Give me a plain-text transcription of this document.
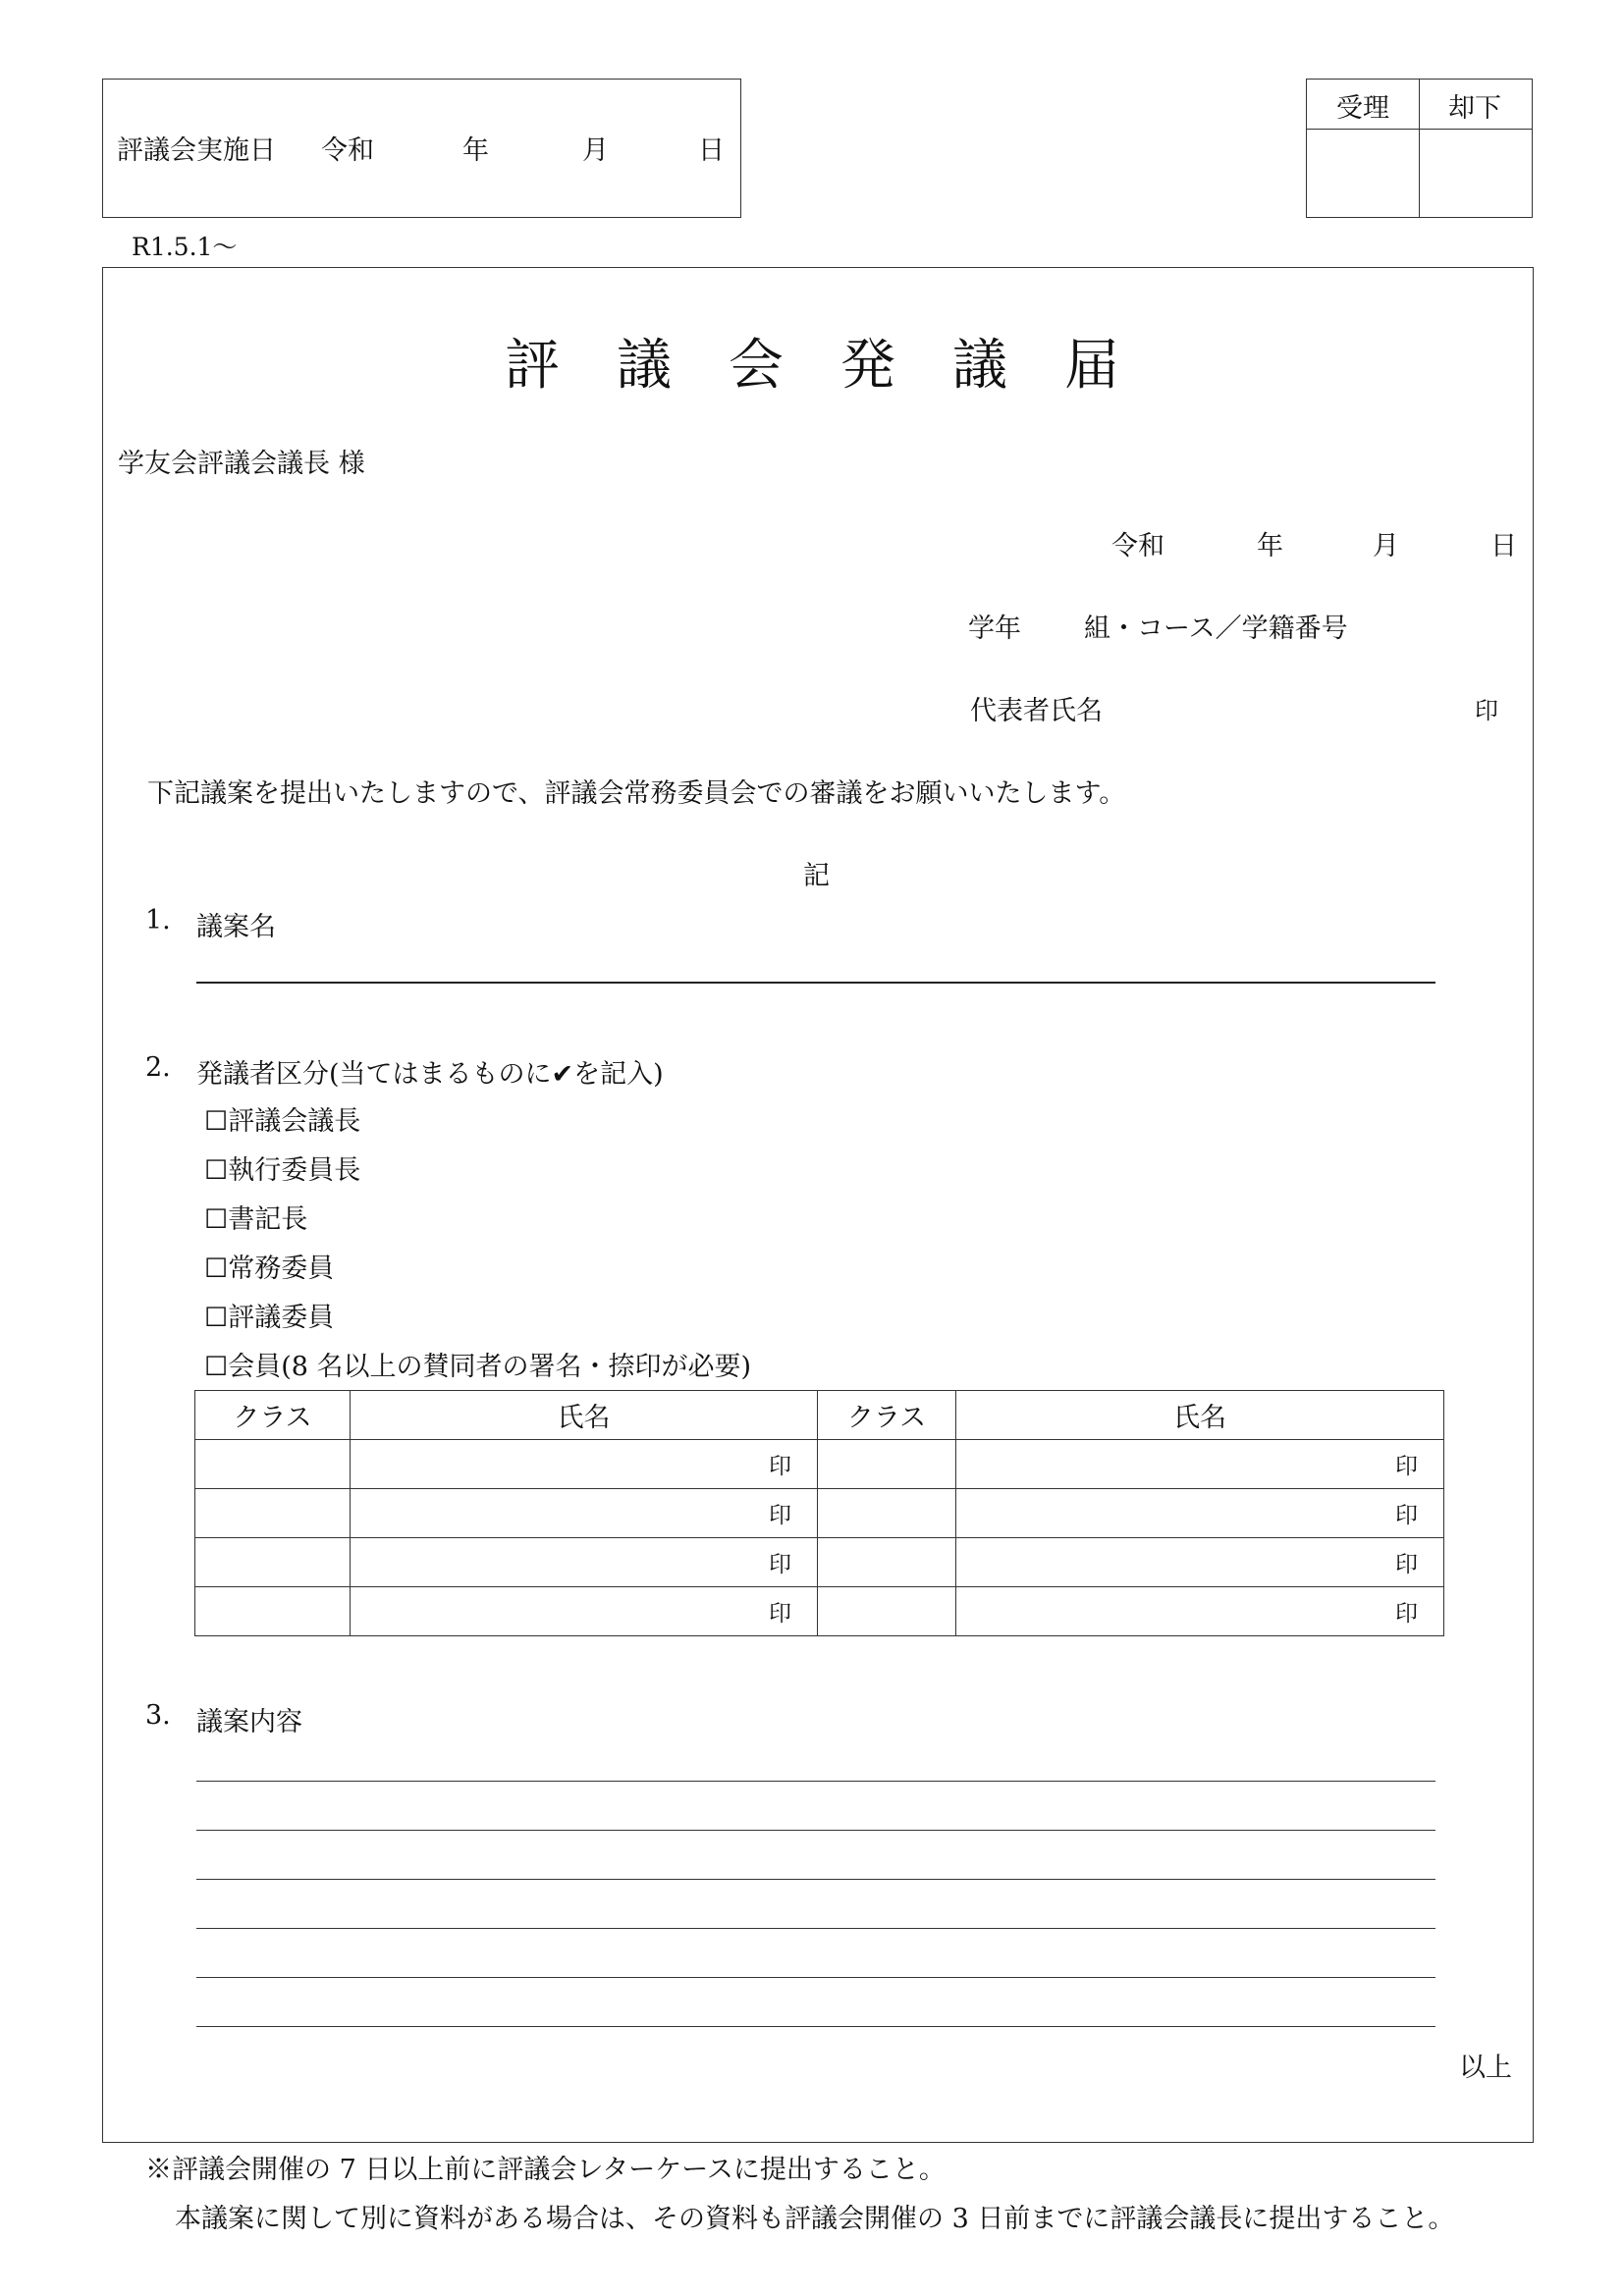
評議会実施日 令和	年	月	日
受理	却下
R1.5.1～
評議会発議届
学友会評議会議長 様
令和	年	月	日
学年 組・コース／学籍番号
代表者氏名	印
下記議案を提出いたしますので、評議会常務委員会での審議をお願いいたします。
記
1. 議案名
2. 発議者区分(当てはまるものに✔を記入)
☐評議会議長
☐執行委員長
☐書記長
☐常務委員
☐評議委員
☐会員(8 名以上の賛同者の署名・捺印が必要)
クラス	氏名	クラス	氏名
	印		印
	印		印
	印		印
	印		印
3. 議案内容
以上
※評議会開催の 7 日以上前に評議会レターケースに提出すること。
本議案に関して別に資料がある場合は、その資料も評議会開催の 3 日前までに評議会議長に提出すること。
